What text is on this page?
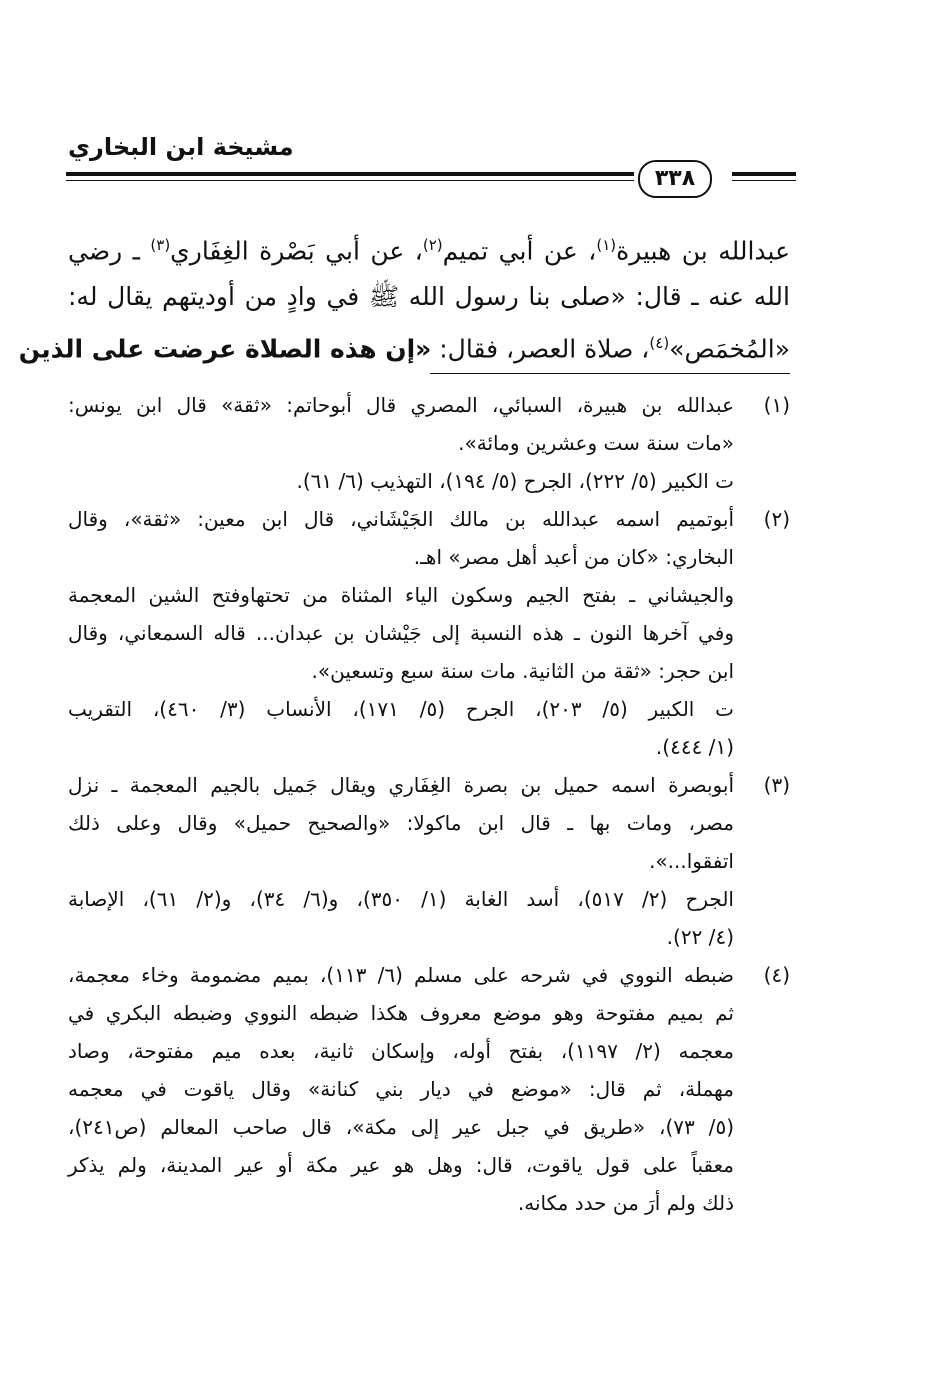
مشيخة ابن البخاري
٣٣٨
عبدالله بن هبيرة$^{(١)}$، عن أبي تميم$^{(٢)}$، عن أبي بَصْرة الغِفَاري$^{(٣)}$ ـ رضي
الله عنه ـ قال: «صلى بنا رسول الله ﷺ في وادٍ من أوديتهم يقال له:
«المُخمَص»$^{(٤)}$، صلاة العصر، فقال: «إن هذه الصلاة عرضت على الذين
(١)
عبدالله بن هبيرة، السبائي، المصري قال أبوحاتم: «ثقة» قال ابن يونس:
«مات سنة ست وعشرين ومائة».
ت الكبير (٥/ ٢٢٢)، الجرح (٥/ ١٩٤)، التهذيب (٦/ ٦١).
(٢)
أبوتميم اسمه عبدالله بن مالك الجَيْشَاني، قال ابن معين: «ثقة»، وقال
البخاري: «كان من أعبد أهل مصر» اهـ.
والجيشاني ـ بفتح الجيم وسكون الياء المثناة من تحتهاوفتح الشين المعجمة
وفي آخرها النون ـ هذه النسبة إلى جَيْشان بن عبدان... قاله السمعاني، وقال
ابن حجر: «ثقة من الثانية. مات سنة سبع وتسعين».
ت الكبير (٥/ ٢٠٣)، الجرح (٥/ ١٧١)، الأنساب (٣/ ٤٦٠)، التقريب
(١/ ٤٤٤).
(٣)
أبوبصرة اسمه حميل بن بصرة الغِفَاري ويقال جَميل بالجيم المعجمة ـ نزل
مصر، ومات بها ـ قال ابن ماكولا: «والصحيح حميل» وقال وعلى ذلك
اتفقوا...».
الجرح (٢/ ٥١٧)، أسد الغابة (١/ ٣٥٠)، و(٦/ ٣٤)، و(٢/ ٦١)، الإصابة
(٤/ ٢٢).
(٤)
ضبطه النووي في شرحه على مسلم (٦/ ١١٣)، بميم مضمومة وخاء معجمة،
ثم بميم مفتوحة وهو موضع معروف هكذا ضبطه النووي وضبطه البكري في
معجمه (٢/ ١١٩٧)، بفتح أوله، وإسكان ثانية، بعده ميم مفتوحة، وصاد
مهملة، ثم قال: «موضع في ديار بني كنانة» وقال ياقوت في معجمه
(٥/ ٧٣)، «طريق في جبل عير إلى مكة»، قال صاحب المعالم (ص٢٤١)،
معقباً على قول ياقوت، قال: وهل هو عير مكة أو عير المدينة، ولم يذكر
ذلك ولم أرَ من حدد مكانه.
